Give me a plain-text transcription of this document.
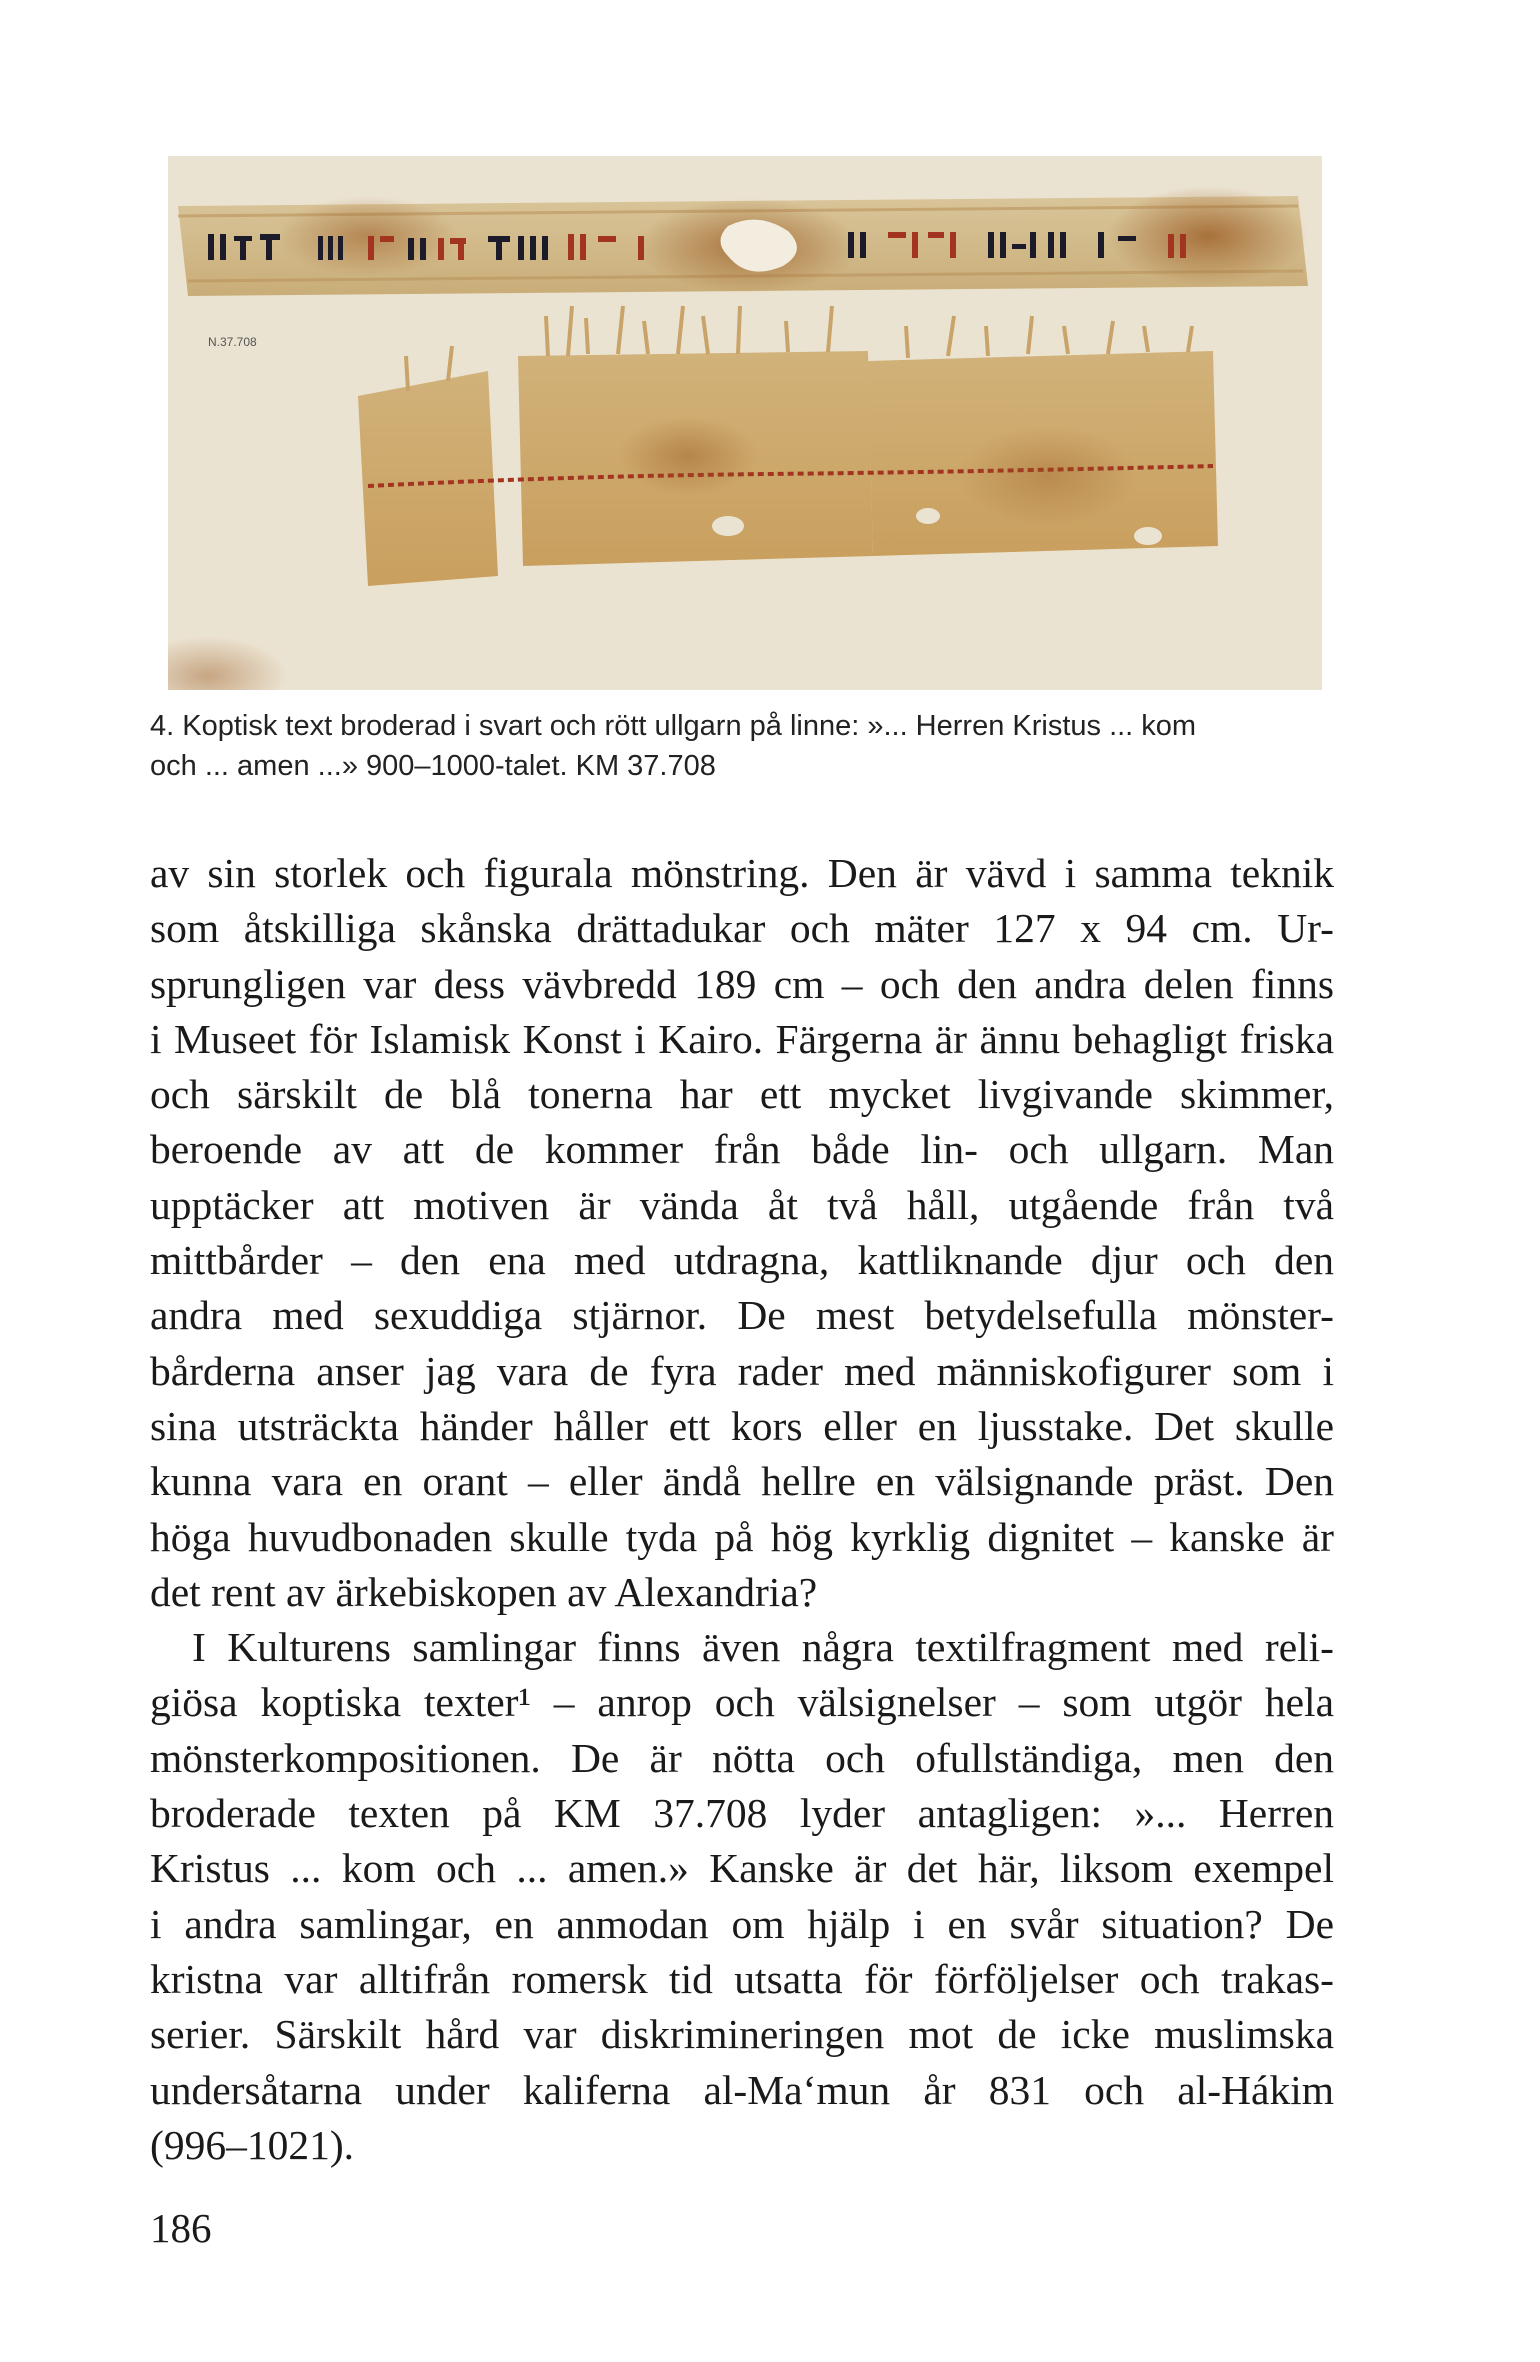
N.37.708

4. Koptisk text broderad i svart och rött ullgarn på linne: »... Herren Kristus ... kom

och ... amen ...» 900–1000-talet. KM 37.708

av sin storlek och figurala mönstring. Den är vävd i samma teknik

som åtskilliga skånska drättadukar och mäter 127 x 94 cm. Ur-

sprungligen var dess vävbredd 189 cm – och den andra delen finns

i Museet för Islamisk Konst i Kairo. Färgerna är ännu behagligt friska

och särskilt de blå tonerna har ett mycket livgivande skimmer,

beroende av att de kommer från både lin- och ullgarn. Man

upptäcker att motiven är vända åt två håll, utgående från två

mittbårder – den ena med utdragna, kattliknande djur och den

andra med sexuddiga stjärnor. De mest betydelsefulla mönster-

bårderna anser jag vara de fyra rader med människofigurer som i

sina utsträckta händer håller ett kors eller en ljusstake. Det skulle

kunna vara en orant – eller ändå hellre en välsignande präst. Den

höga huvudbonaden skulle tyda på hög kyrklig dignitet – kanske är

det rent av ärkebiskopen av Alexandria?

I Kulturens samlingar finns även några textilfragment med reli-

giösa koptiska texter¹ – anrop och välsignelser – som utgör hela

mönsterkompositionen. De är nötta och ofullständiga, men den

broderade texten på KM 37.708 lyder antagligen: »... Herren

Kristus ... kom och ... amen.» Kanske är det här, liksom exempel

i andra samlingar, en anmodan om hjälp i en svår situation? De

kristna var alltifrån romersk tid utsatta för förföljelser och trakas-

serier. Särskilt hård var diskrimineringen mot de icke muslimska

undersåtarna under kaliferna al-Ma‘mun år 831 och al-Hákim

(996–1021).

186
